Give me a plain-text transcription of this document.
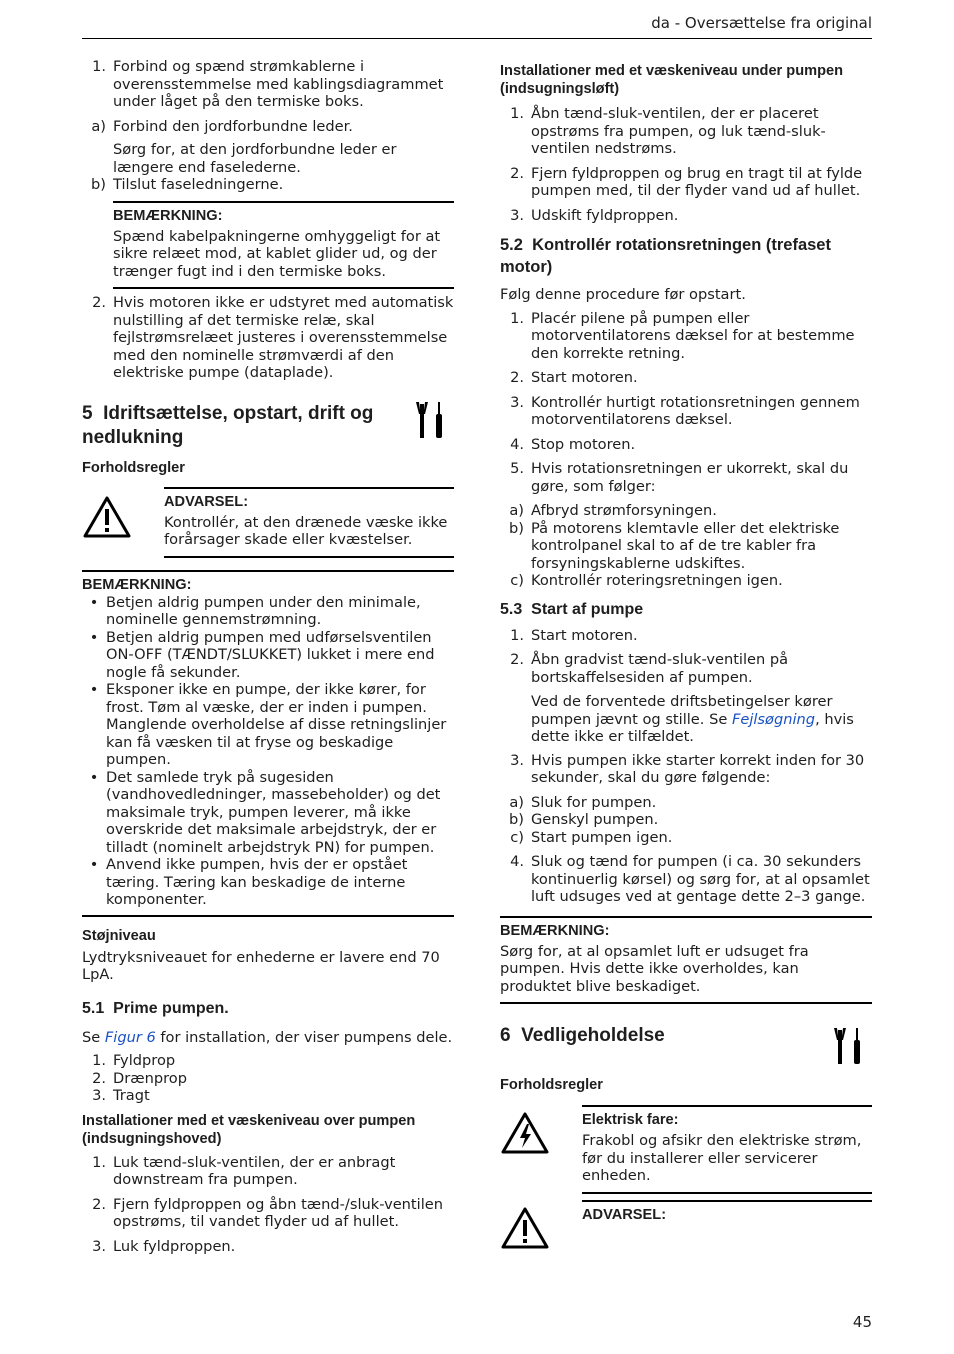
da - Oversættelse fra original
1. Forbind og spænd strømkablerne i overensstemmelse med kablingsdiagrammet under låget på den termiske boks.
a) Forbind den jordforbundne leder.
Sørg for, at den jordforbundne leder er længere end faselederne.
b) Tilslut faseledningerne.
BEMÆRKNING:
Spænd kabelpakningerne omhyggeligt for at sikre relæet mod, at kablet glider ud, og der trænger fugt ind i den termiske boks.
2. Hvis motoren ikke er udstyret med automatisk nulstilling af det termiske relæ, skal fejlstrømsrelæet justeres i overensstemmelse med den nominelle strømværdi af den elektriske pumpe (dataplade).
5 Idriftsættelse, opstart, drift og nedlukning
Forholdsregler
ADVARSEL:
Kontrollér, at den drænede væske ikke forårsager skade eller kvæstelser.
BEMÆRKNING:
• Betjen aldrig pumpen under den minimale, nominelle gennemstrømning.
• Betjen aldrig pumpen med udførselsventilen ON-OFF (TÆNDT/SLUKKET) lukket i mere end nogle få sekunder.
• Eksponer ikke en pumpe, der ikke kører, for frost. Tøm al væske, der er inden i pumpen. Manglende overholdelse af disse retningslinjer kan få væsken til at fryse og beskadige pumpen.
• Det samlede tryk på sugesiden (vandhovedledninger, massebeholder) og det maksimale tryk, pumpen leverer, må ikke overskride det maksimale arbejdstryk, der er tilladt (nominelt arbejdstryk PN) for pumpen.
• Anvend ikke pumpen, hvis der er opstået tæring. Tæring kan beskadige de interne komponenter.
Støjniveau
Lydtryksniveauet for enhederne er lavere end 70 LpA.
5.1 Prime pumpen.
Se Figur 6 for installation, der viser pumpens dele.
1. Fyldprop
2. Drænprop
3. Tragt
Installationer med et væskeniveau over pumpen (indsugningshoved)
1. Luk tænd-sluk-ventilen, der er anbragt downstream fra pumpen.
2. Fjern fyldproppen og åbn tænd-/sluk-ventilen opstrøms, til vandet flyder ud af hullet.
3. Luk fyldproppen.
Installationer med et væskeniveau under pumpen (indsugningsløft)
1. Åbn tænd-sluk-ventilen, der er placeret opstrøms fra pumpen, og luk tænd-sluk-ventilen nedstrøms.
2. Fjern fyldproppen og brug en tragt til at fylde pumpen med, til der flyder vand ud af hullet.
3. Udskift fyldproppen.
5.2 Kontrollér rotationsretningen (trefaset motor)
Følg denne procedure før opstart.
1. Placér pilene på pumpen eller motorventilatorens dæksel for at bestemme den korrekte retning.
2. Start motoren.
3. Kontrollér hurtigt rotationsretningen gennem motorventilatorens dæksel.
4. Stop motoren.
5. Hvis rotationsretningen er ukorrekt, skal du gøre, som følger:
a) Afbryd strømforsyningen.
b) På motorens klemtavle eller det elektriske kontrolpanel skal to af de tre kabler fra forsyningskablerne udskiftes.
c) Kontrollér roteringsretningen igen.
5.3 Start af pumpe
1. Start motoren.
2. Åbn gradvist tænd-sluk-ventilen på bortskaffelsesiden af pumpen.
Ved de forventede driftsbetingelser kører pumpen jævnt og stille. Se Fejlsøgning, hvis dette ikke er tilfældet.
3. Hvis pumpen ikke starter korrekt inden for 30 sekunder, skal du gøre følgende:
a) Sluk for pumpen.
b) Genskyl pumpen.
c) Start pumpen igen.
4. Sluk og tænd for pumpen (i ca. 30 sekunders kontinuerlig kørsel) og sørg for, at al opsamlet luft udsuges ved at gentage dette 2–3 gange.
BEMÆRKNING:
Sørg for, at al opsamlet luft er udsuget fra pumpen. Hvis dette ikke overholdes, kan produktet blive beskadiget.
6 Vedligeholdelse
Forholdsregler
Elektrisk fare:
Frakobl og afsikr den elektriske strøm, før du installerer eller servicerer enheden.
ADVARSEL:
45
